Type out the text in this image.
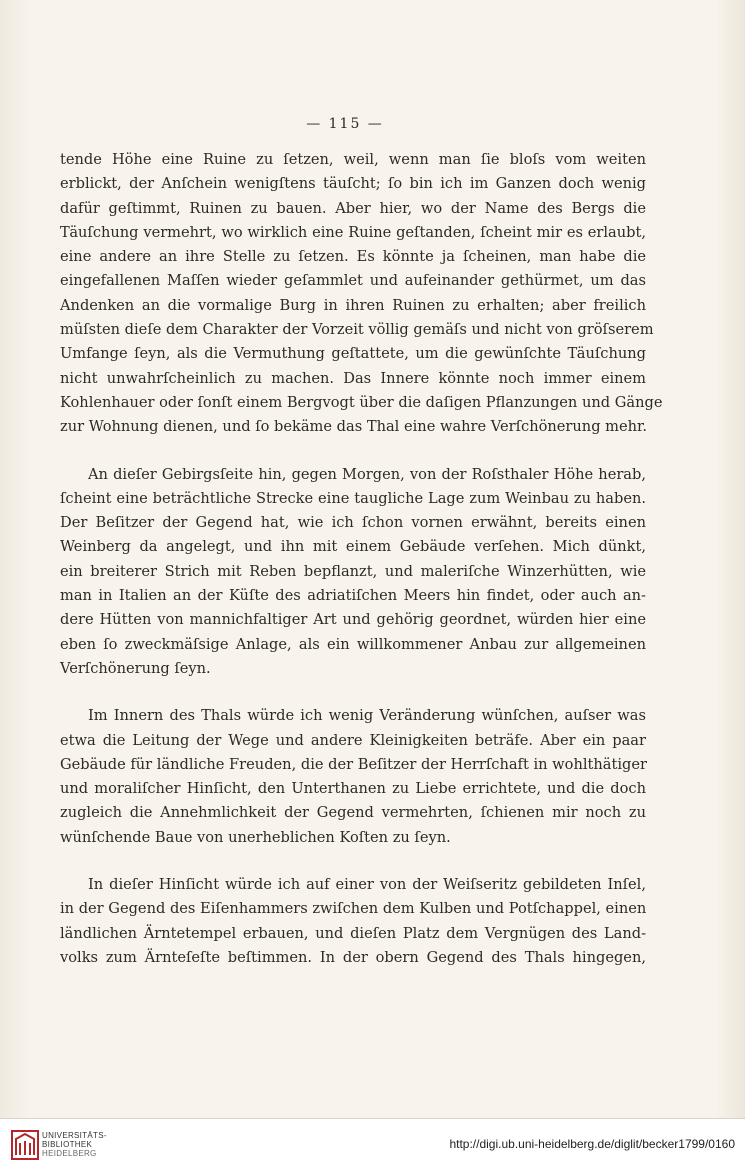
— 115 —
tende Höhe eine Ruine zu ſetzen, weil, wenn man ſie bloſs vom weiten
erblickt, der Anſchein wenigſtens täuſcht; ſo bin ich im Ganzen doch wenig
dafür geſtimmt, Ruinen zu bauen. Aber hier, wo der Name des Bergs die
Täuſchung vermehrt, wo wirklich eine Ruine geſtanden, ſcheint mir es erlaubt,
eine andere an ihre Stelle zu ſetzen. Es könnte ja ſcheinen, man habe die
eingefallenen Maſſen wieder geſammlet und aufeinander gethürmet, um das
Andenken an die vormalige Burg in ihren Ruinen zu erhalten; aber freilich
müſsten dieſe dem Charakter der Vorzeit völlig gemäſs und nicht von gröſserem
Umfange ſeyn, als die Vermuthung geſtattete, um die gewünſchte Täuſchung
nicht unwahrſcheinlich zu machen. Das Innere könnte noch immer einem
Kohlenhauer oder ſonſt einem Bergvogt über die daſigen Pflanzungen und Gänge
zur Wohnung dienen, und ſo bekäme das Thal eine wahre Verſchönerung mehr.
An dieſer Gebirgsſeite hin, gegen Morgen, von der Roſsthaler Höhe herab,
ſcheint eine beträchtliche Strecke eine taugliche Lage zum Weinbau zu haben.
Der Beſitzer der Gegend hat, wie ich ſchon vornen erwähnt, bereits einen
Weinberg da angelegt, und ihn mit einem Gebäude verſehen. Mich dünkt,
ein breiterer Strich mit Reben bepflanzt, und maleriſche Winzerhütten, wie
man in Italien an der Küſte des adriatiſchen Meers hin findet, oder auch an-
dere Hütten von mannichfaltiger Art und gehörig geordnet, würden hier eine
eben ſo zweckmäſsige Anlage, als ein willkommener Anbau zur allgemeinen
Verſchönerung ſeyn.
Im Innern des Thals würde ich wenig Veränderung wünſchen, auſser was
etwa die Leitung der Wege und andere Kleinigkeiten beträfe. Aber ein paar
Gebäude für ländliche Freuden, die der Beſitzer der Herrſchaft in wohlthätiger
und moraliſcher Hinſicht, den Unterthanen zu Liebe errichtete, und die doch
zugleich die Annehmlichkeit der Gegend vermehrten, ſchienen mir noch zu
wünſchende Baue von unerheblichen Koſten zu ſeyn.
In dieſer Hinſicht würde ich auf einer von der Weiſseritz gebildeten Inſel,
in der Gegend des Eiſenhammers zwiſchen dem Kulben und Potſchappel, einen
ländlichen Ärntetempel erbauen, und dieſen Platz dem Vergnügen des Land-
volks zum Ärnteſeſte beſtimmen. In der obern Gegend des Thals hingegen,
UNIVERSITÄTS-
BIBLIOTHEK
HEIDELBERG
http://digi.ub.uni-heidelberg.de/diglit/becker1799/0160
